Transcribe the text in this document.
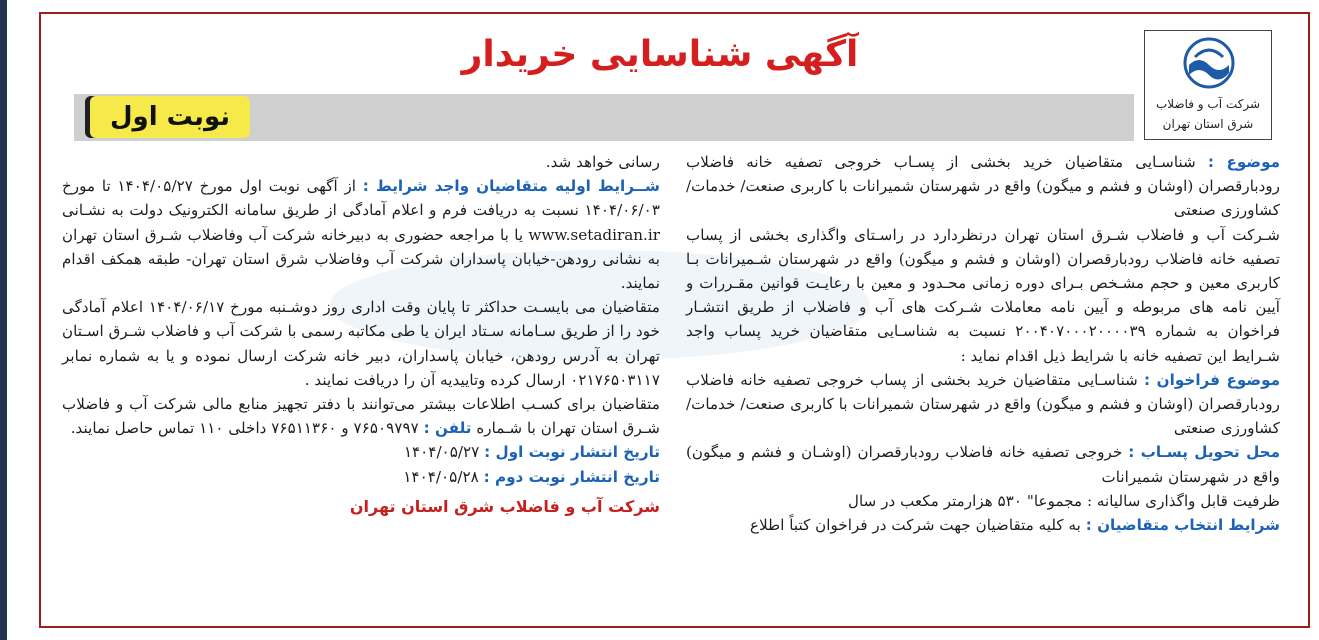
آگهی شناسایی خریدار
نوبت اول	شرکت آب و فاضلاب
شرق استان تهران

موضوع : شناسـایی متقاضیان خرید بخشی از پسـاب خروجی تصفیه خانه فاضلاب رودبارقصران (اوشان و فشم و میگون) واقع در شهرستان شمیرانات با کاربری صنعت/ خدمات/ کشاورزی صنعتی

شـرکت آب و فاضلاب شـرق استان تهران درنظردارد در راسـتای واگذاری بخشی از پساب تصفیه خانه فاضلاب رودبارقصران (اوشان و فشم و میگون) واقع در شهرستان شـمیرانات بـا کاربری معین و حجم مشـخص بـرای دوره زمانی محـدود و معین با رعایـت قوانین مقـررات و آیین نامه های مربوطه و آیین نامه معاملات شـرکت های آب و فاضلاب از طریق انتشـار فراخوان به شماره ۲۰۰۴۰۷۰۰۰۲۰۰۰۰۳۹ نسبت به شناسـایی متقاضیان خرید پساب واجد شـرایط این تصفیه خانه با شرایط ذیل اقدام نماید :

موضوع فراخوان : شناسـایی متقاضیان خرید بخشی از پساب خروجی تصفیه خانه فاضلاب رودبارقصران (اوشان و فشم و میگون) واقع در شهرستان شمیرانات با کاربری صنعت/ خدمات/ کشاورزی صنعتی

محل تحویل پسـاب : خروجی تصفیه خانه فاضلاب رودبارقصران (اوشـان و فشم و میگون) واقع در شهرستان شمیرانات

ظرفیت قابل واگذاری سالیانه : مجموعا" ۵۳۰ هزارمتر مکعب در سال

شرایط انتخاب متقاضیان : به کلیه متقاضیان جهت شرکت در فراخوان کتباً اطلاع

رسانی خواهد شد.

شــرایط اولیه متقاضیان واجد شرایط : از آگهی نوبت اول مورخ ۱۴۰۴/۰۵/۲۷ تا مورخ ۱۴۰۴/۰۶/۰۳ نسبت به دریافت فرم و اعلام آمادگی از طریق سامانه الکترونیک دولت به نشـانی www.setadiran.ir یا با مراجعه حضوری به دبیرخانه شرکت آب وفاضلاب شـرق استان تهران به نشانی رودهن-خیابان پاسداران شرکت آب وفاضلاب شرق استان تهران- طبقه همکف اقدام نمایند.

متقاضیان می بایسـت حداکثر تا پایان وقت اداری روز دوشـنبه مورخ ۱۴۰۴/۰۶/۱۷ اعلام آمادگی خود را از طریق سـامانه سـتاد ایران یا طی مکاتبه رسمی با شرکت آب و فاضلاب شـرق اسـتان تهران به آدرس رودهن، خیابان پاسداران، دبیر خانه شرکت ارسال نموده و یا به شماره نمابر ۰۲۱۷۶۵۰۳۱۱۷ ارسال کرده وتاییدیه آن را دریافت نمایند .

متقاضیان برای کسـب اطلاعات بیشتر می‌توانند با دفتر تجهیز منابع مالی شرکت آب و فاضلاب شـرق استان تهران با شـماره تلفن : ۷۶۵۰۹۷۹۷ و ۷۶۵۱۱۳۶۰ داخلی ۱۱۰ تماس حاصل نمایند.

تاریخ انتشار نوبت اول : ۱۴۰۴/۰۵/۲۷

تاریخ انتشار نوبت دوم : ۱۴۰۴/۰۵/۲۸

شرکت آب و فاضلاب شرق استان تهران
